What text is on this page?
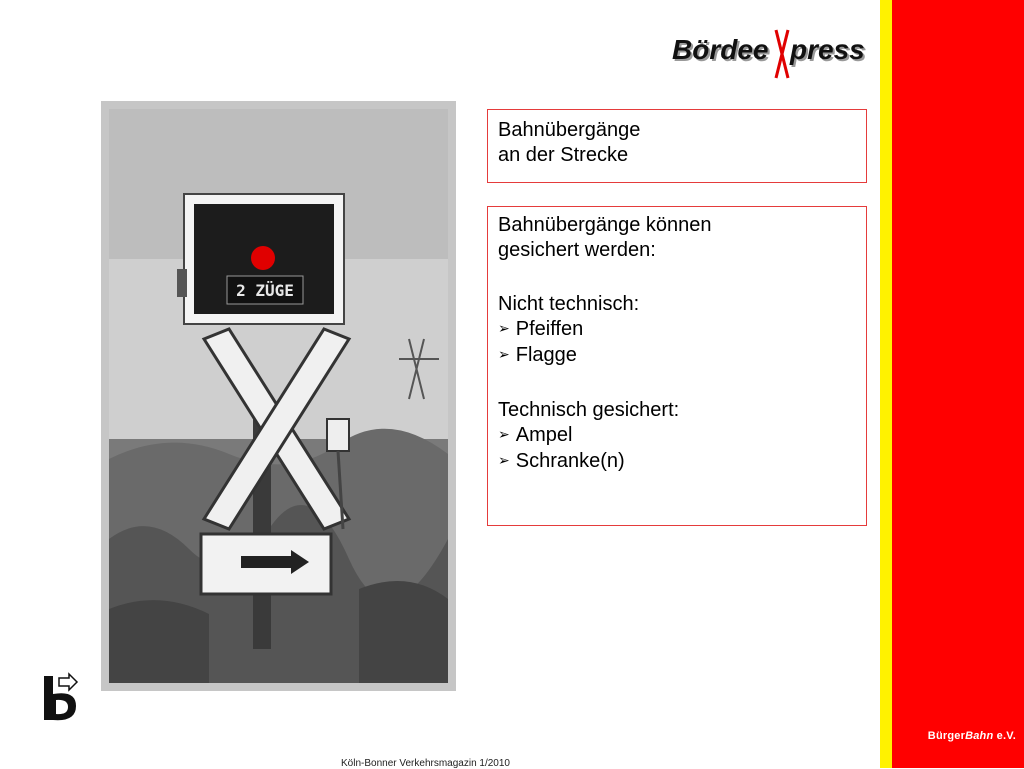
BürgerBahn e.V.
Bördee press
2 ZÜGE
Köln-Bonner Verkehrsmagazin 1/2010
Bahnübergänge
an der Strecke
Bahnübergänge können
gesichert werden:
Nicht technisch:
➢ Pfeiffen
➢ Flagge
Technisch gesichert:
➢ Ampel
➢ Schranke(n)
